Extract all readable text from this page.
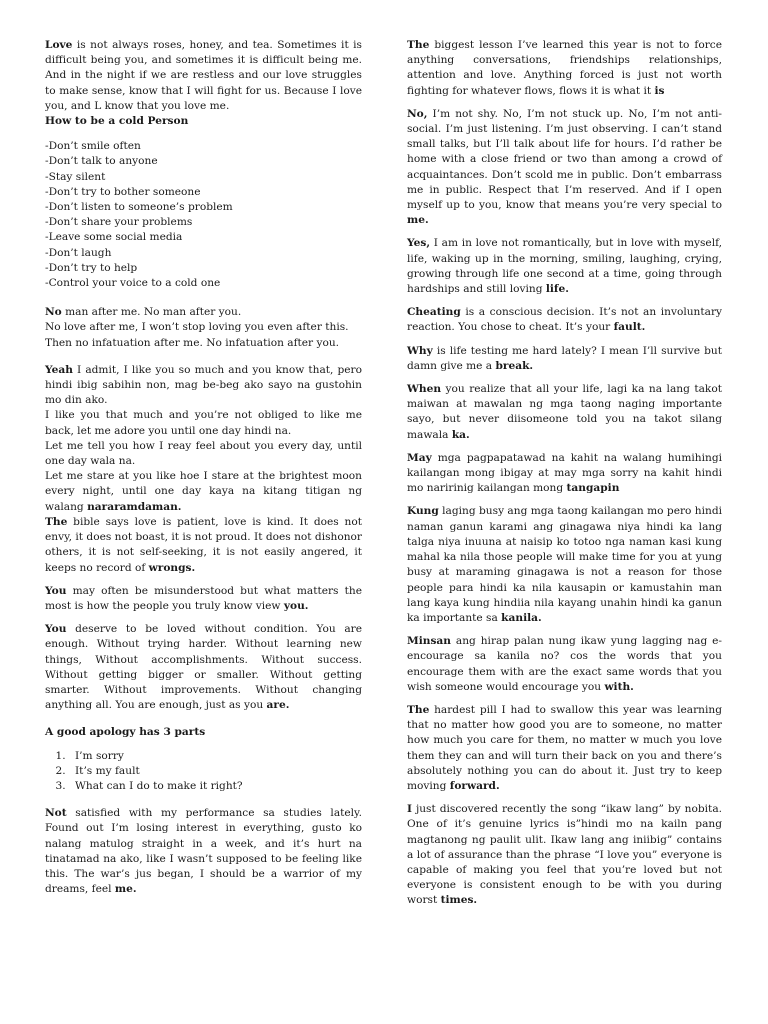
Love is not always roses, honey, and tea. Sometimes it is difficult being you, and sometimes it is difficult being me. And in the night if we are restless and our love struggles to make sense, know that I will fight for us. Because I love you, and L know that you love me.

How to be a cold Person

-Don’t smile often
-Don’t talk to anyone
-Stay silent
-Don’t try to bother someone
-Don’t listen to someone’s problem
-Don’t share your problems
-Leave some social media
-Don’t laugh
-Don’t try to help
-Control your voice to a cold one

No man after me. No man after you.

No love after me, I won’t stop loving you even after this.

Then no infatuation after me. No infatuation after you.

Yeah I admit, I like you so much and you know that, pero hindi ibig sabihin non, mag be-beg ako sayo na gustohin mo din ako.

I like you that much and you’re not obliged to like me back, let me adore you until one day hindi na.

Let me tell you how I reay feel about you every day, until one day wala na.

Let me stare at you like hoe I stare at the brightest moon every night, until one day kaya na kitang titigan ng walang nararamdaman.

The bible says love is patient, love is kind. It does not envy, it does not boast, it is not proud. It does not dishonor others, it is not self-seeking, it is not easily angered, it keeps no record of wrongs.

You may often be misunderstood but what matters the most is how the people you truly know view you.

You deserve to be loved without condition. You are enough. Without trying harder. Without learning new things, Without accomplishments. Without success. Without getting bigger or smaller. Without getting smarter. Without improvements. Without changing anything all. You are enough, just as you are.

A good apology has 3 parts

1. I’m sorry
2. It’s my fault
3. What can I do to make it right?

Not satisfied with my performance sa studies lately. Found out I’m losing interest in everything, gusto ko nalang matulog straight in a week, and it’s hurt na tinatamad na ako, like I wasn’t supposed to be feeling like this. The war’s jus began, I should be a warrior of my dreams, feel me.

The biggest lesson I’ve learned this year is not to force anything conversations, friendships relationships, attention and love. Anything forced is just not worth fighting for whatever flows, flows it is what it is

No, I’m not shy. No, I’m not stuck up. No, I’m not anti-social. I’m just listening. I’m just observing. I can’t stand small talks, but I’ll talk about life for hours. I’d rather be home with a close friend or two than among a crowd of acquaintances. Don’t scold me in public. Don’t embarrass me in public. Respect that I’m reserved. And if I open myself up to you, know that means you’re very special to me.

Yes, I am in love not romantically, but in love with myself, life, waking up in the morning, smiling, laughing, crying, growing through life one second at a time, going through hardships and still loving life.

Cheating is a conscious decision. It’s not an involuntary reaction. You chose to cheat. It’s your fault.

Why is life testing me hard lately? I mean I’ll survive but damn give me a break.

When you realize that all your life, lagi ka na lang takot maiwan at mawalan ng mga taong naging importante sayo, but never diisomeone told you na takot silang mawala ka.

May mga pagpapatawad na kahit na walang humihingi kailangan mong ibigay at may mga sorry na kahit hindi mo naririnig kailangan mong tangapin

Kung laging busy ang mga taong kailangan mo pero hindi naman ganun karami ang ginagawa niya hindi ka lang talga niya inuuna at naisip ko totoo nga naman kasi kung mahal ka nila those people will make time for you at yung busy at maraming ginagawa is not a reason for those people para hindi ka nila kausapin or kamustahin man lang kaya kung hindiia nila kayang unahin hindi ka ganun ka importante sa kanila.

Minsan ang hirap palan nung ikaw yung lagging nag e-encourage sa kanila no? cos the words that you encourage them with are the exact same words that you wish someone would encourage you with.

The hardest pill I had to swallow this year was learning that no matter how good you are to someone, no matter how much you care for them, no matter w much you love them they can and will turn their back on you and there’s absolutely nothing you can do about it. Just try to keep moving forward.

I just discovered recently the song “ikaw lang” by nobita. One of it’s genuine lyrics is”hindi mo na kailn pang magtanong ng paulit ulit. Ikaw lang ang iniibig” contains a lot of assurance than the phrase “I love you” everyone is capable of making you feel that you’re loved but not everyone is consistent enough to be with you during worst times.
